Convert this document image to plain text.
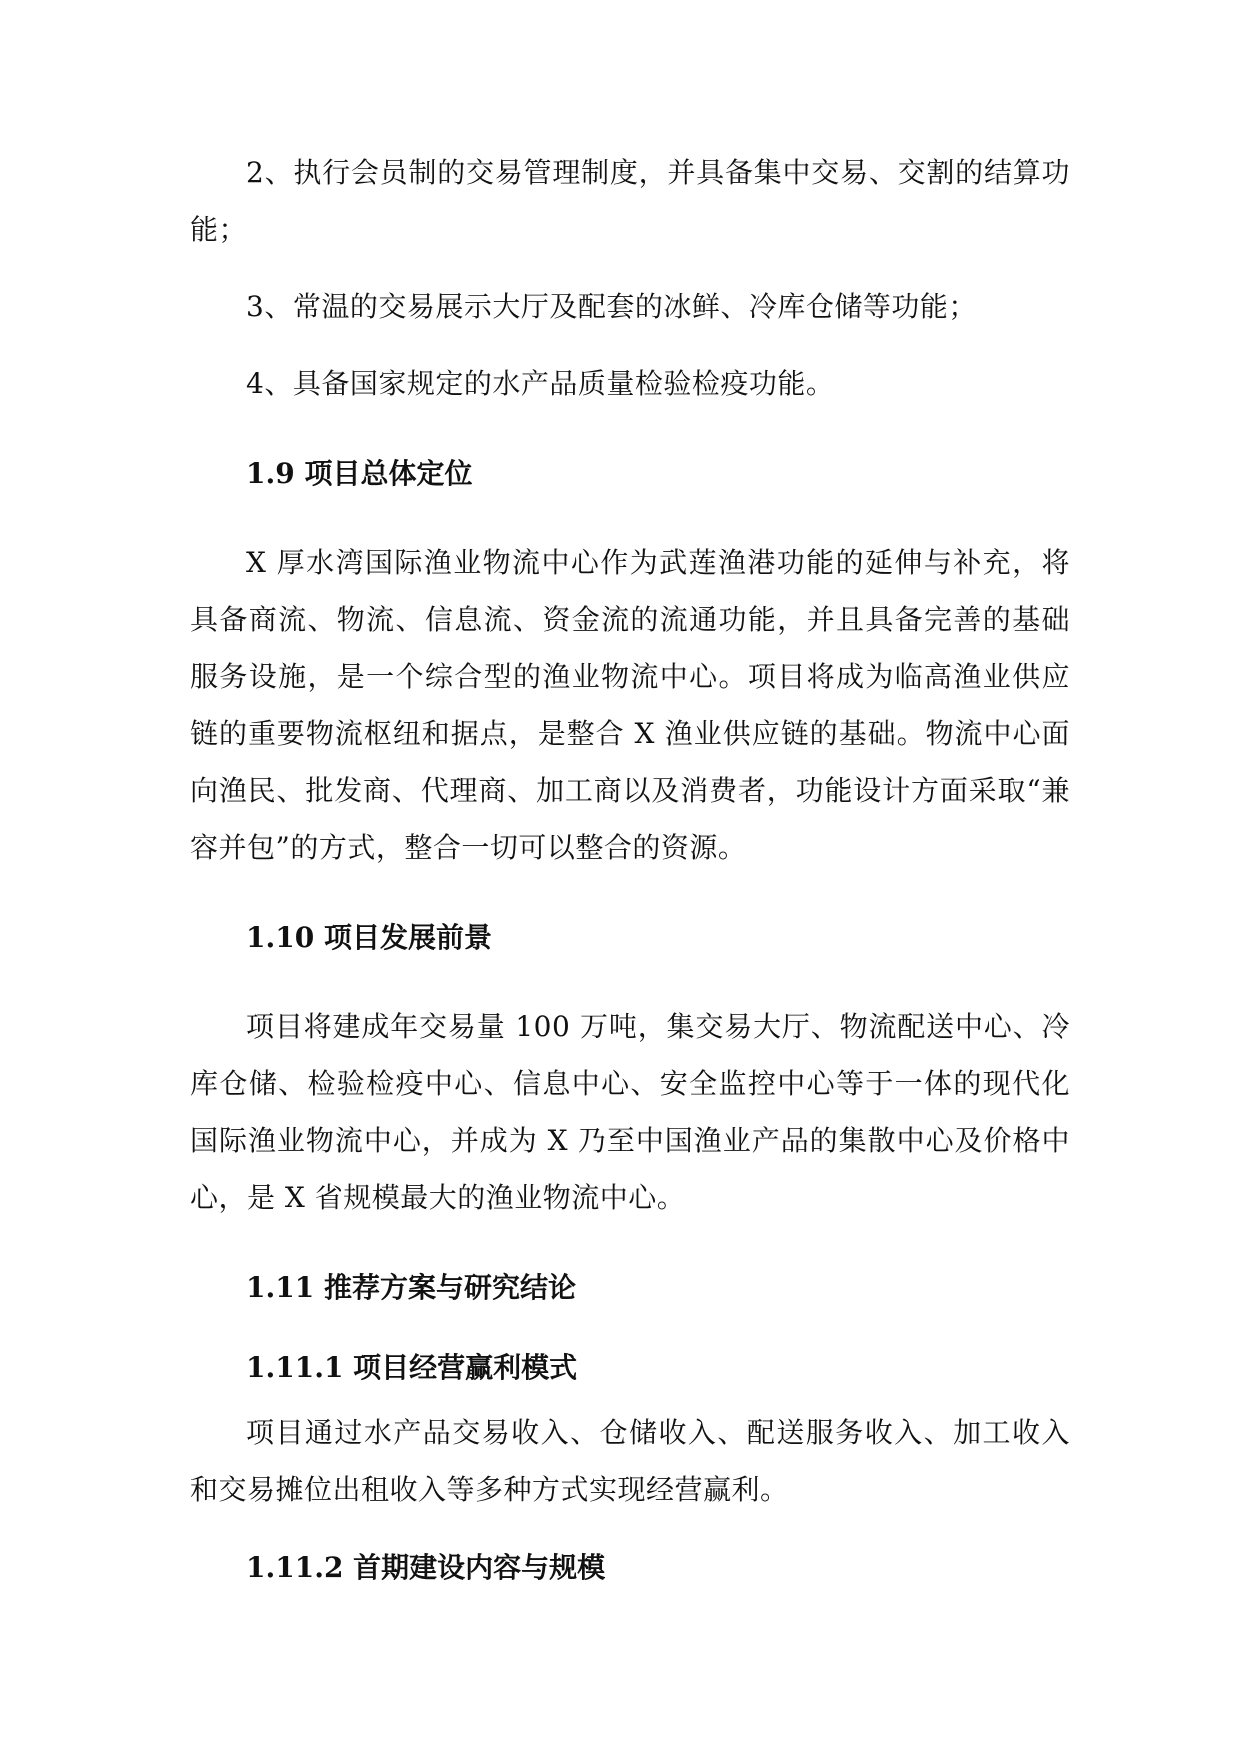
2、执行会员制的交易管理制度，并具备集中交易、交割的结算功能；

3、常温的交易展示大厅及配套的冰鲜、冷库仓储等功能；

4、具备国家规定的水产品质量检验检疫功能。

1.9 项目总体定位

X 厚水湾国际渔业物流中心作为武莲渔港功能的延伸与补充，将具备商流、物流、信息流、资金流的流通功能，并且具备完善的基础服务设施，是一个综合型的渔业物流中心。项目将成为临高渔业供应链的重要物流枢纽和据点，是整合 X 渔业供应链的基础。物流中心面向渔民、批发商、代理商、加工商以及消费者，功能设计方面采取“兼容并包”的方式，整合一切可以整合的资源。

1.10 项目发展前景

项目将建成年交易量 100 万吨，集交易大厅、物流配送中心、冷库仓储、检验检疫中心、信息中心、安全监控中心等于一体的现代化国际渔业物流中心，并成为 X 乃至中国渔业产品的集散中心及价格中心，是 X 省规模最大的渔业物流中心。

1.11 推荐方案与研究结论
1.11.1 项目经营赢利模式

项目通过水产品交易收入、仓储收入、配送服务收入、加工收入和交易摊位出租收入等多种方式实现经营赢利。

1.11.2 首期建设内容与规模
